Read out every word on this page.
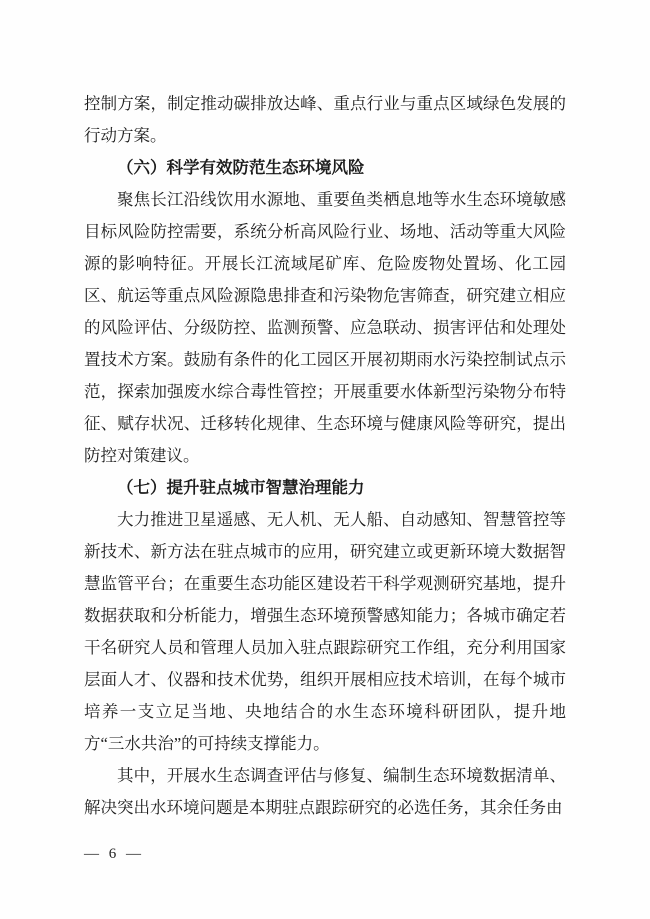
控制方案，制定推动碳排放达峰、重点行业与重点区域绿色发展的行动方案。

（六）科学有效防范生态环境风险

聚焦长江沿线饮用水源地、重要鱼类栖息地等水生态环境敏感目标风险防控需要，系统分析高风险行业、场地、活动等重大风险源的影响特征。开展长江流域尾矿库、危险废物处置场、化工园区、航运等重点风险源隐患排查和污染物危害筛查，研究建立相应的风险评估、分级防控、监测预警、应急联动、损害评估和处理处置技术方案。鼓励有条件的化工园区开展初期雨水污染控制试点示范，探索加强废水综合毒性管控；开展重要水体新型污染物分布特征、赋存状况、迁移转化规律、生态环境与健康风险等研究，提出防控对策建议。

（七）提升驻点城市智慧治理能力

大力推进卫星遥感、无人机、无人船、自动感知、智慧管控等新技术、新方法在驻点城市的应用，研究建立或更新环境大数据智慧监管平台；在重要生态功能区建设若干科学观测研究基地，提升数据获取和分析能力，增强生态环境预警感知能力；各城市确定若干名研究人员和管理人员加入驻点跟踪研究工作组，充分利用国家层面人才、仪器和技术优势，组织开展相应技术培训，在每个城市培养一支立足当地、央地结合的水生态环境科研团队，提升地方“三水共治”的可持续支撑能力。

其中，开展水生态调查评估与修复、编制生态环境数据清单、解决突出水环境问题是本期驻点跟踪研究的必选任务，其余任务由

— 6 —
